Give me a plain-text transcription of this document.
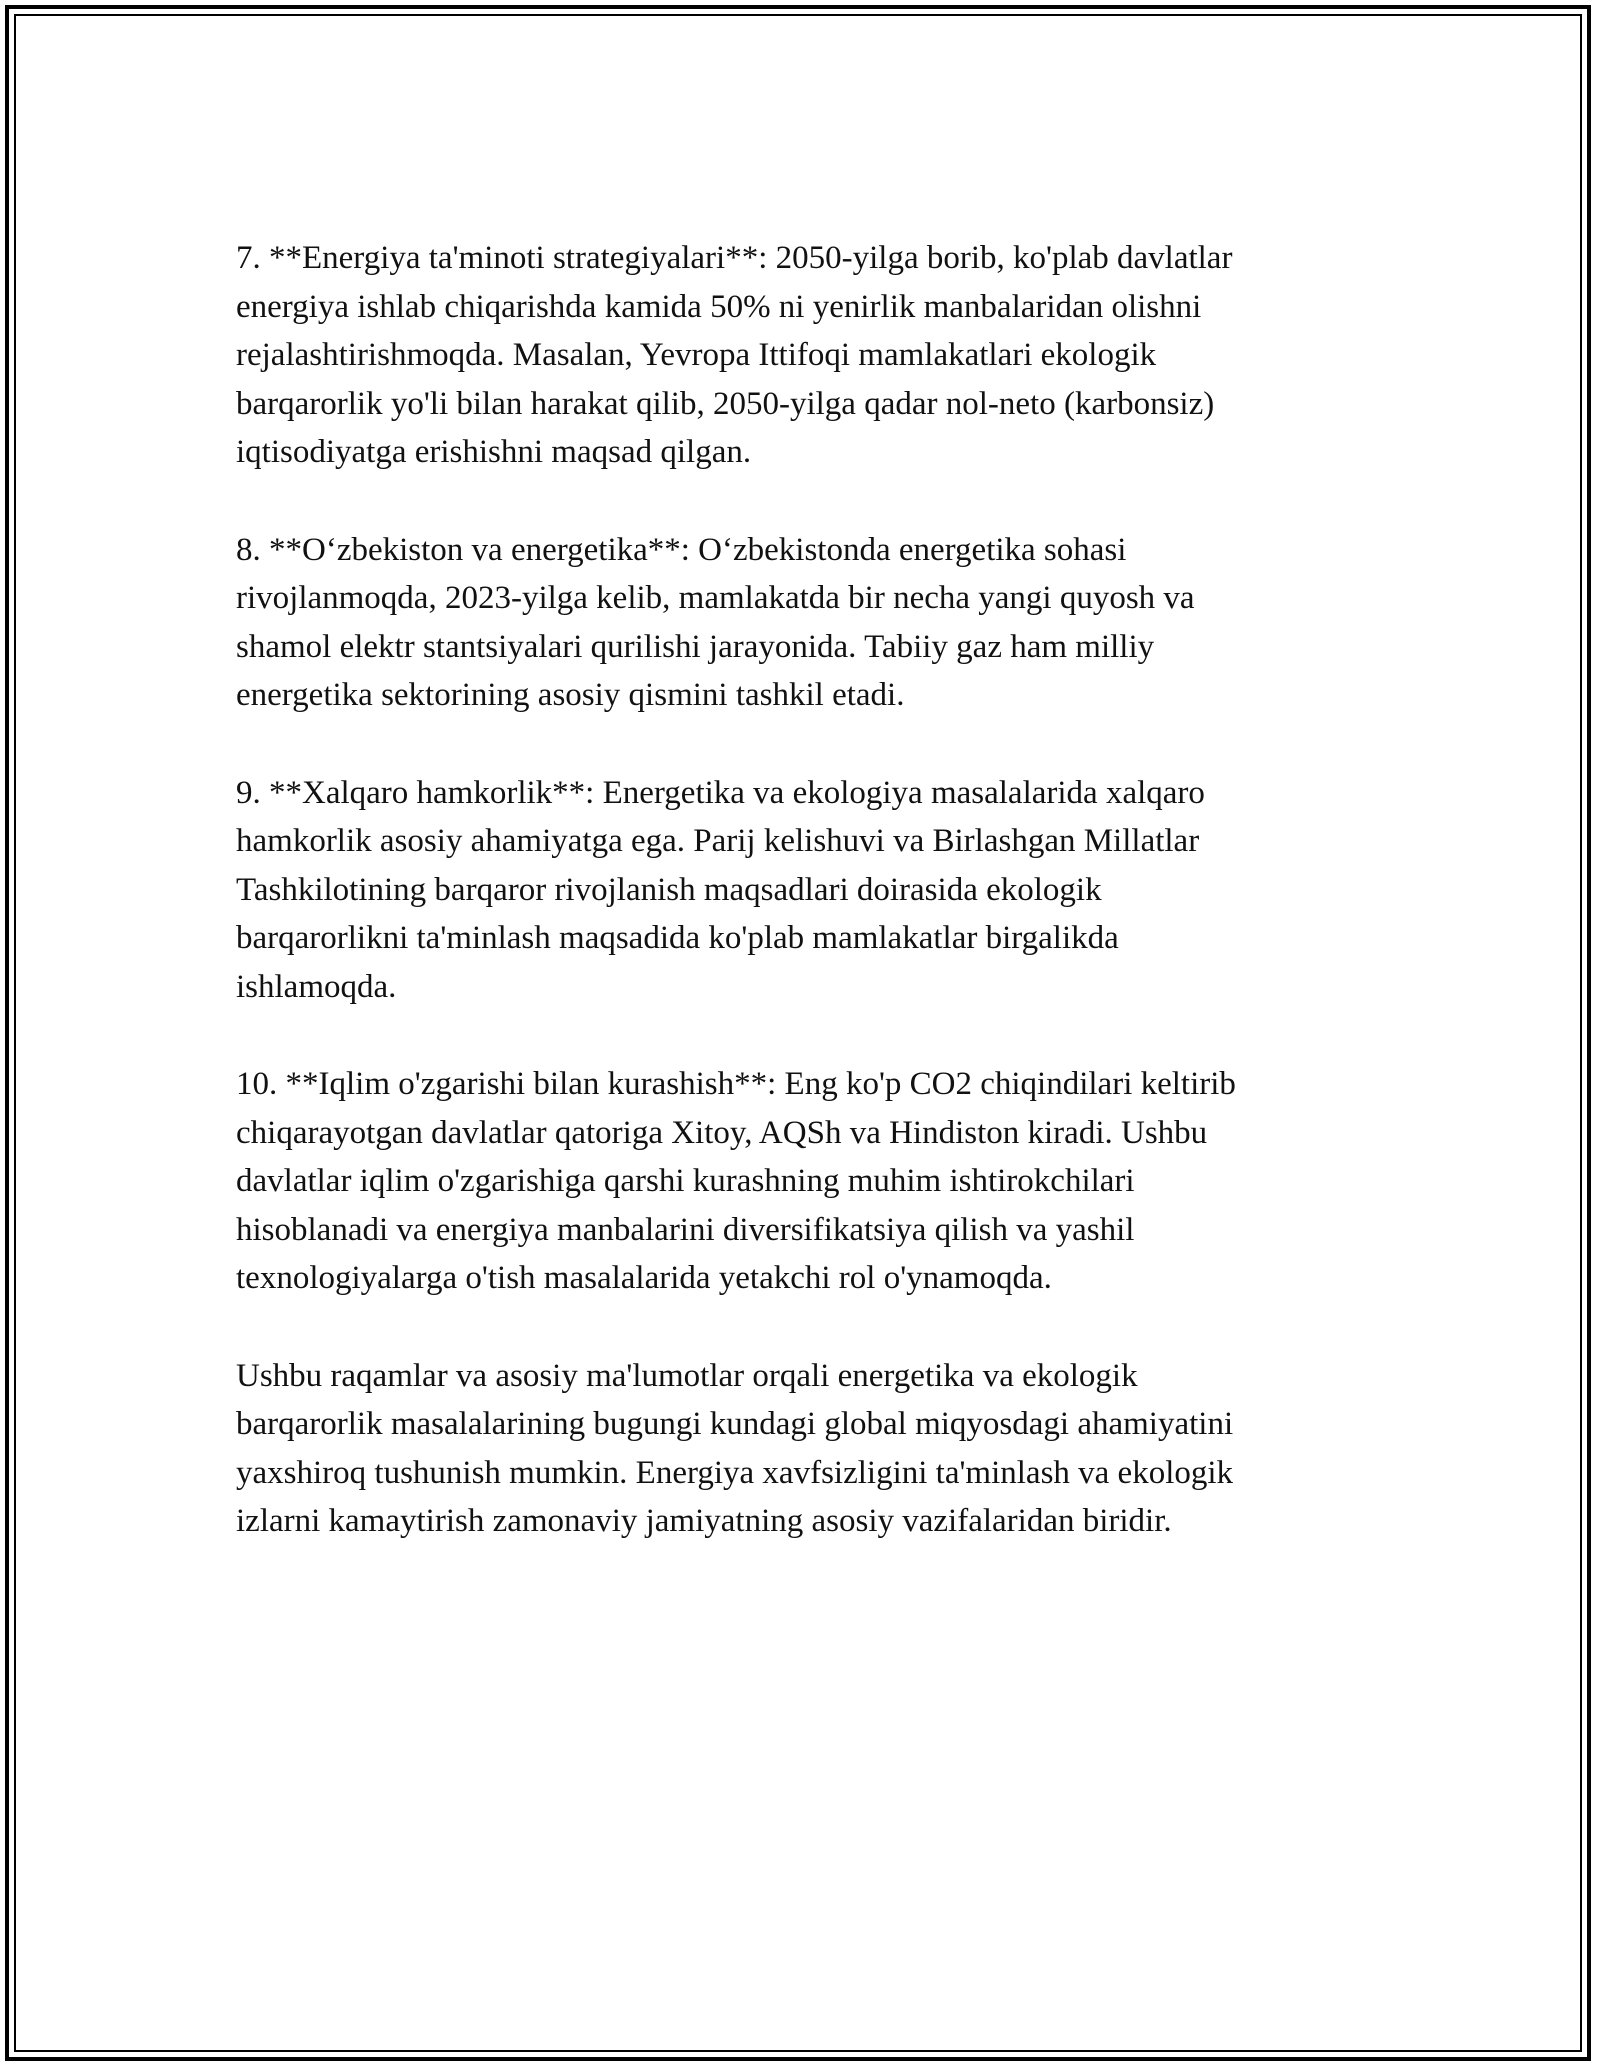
7. **Energiya ta'minoti strategiyalari**: 2050-yilga borib, ko'plab davlatlar
energiya ishlab chiqarishda kamida 50% ni yenirlik manbalaridan olishni
rejalashtirishmoqda. Masalan, Yevropa Ittifoqi mamlakatlari ekologik
barqarorlik yo'li bilan harakat qilib, 2050-yilga qadar nol-neto (karbonsiz)
iqtisodiyatga erishishni maqsad qilgan.

8. **O‘zbekiston va energetika**: O‘zbekistonda energetika sohasi
rivojlanmoqda, 2023-yilga kelib, mamlakatda bir necha yangi quyosh va
shamol elektr stantsiyalari qurilishi jarayonida. Tabiiy gaz ham milliy
energetika sektorining asosiy qismini tashkil etadi.

9. **Xalqaro hamkorlik**: Energetika va ekologiya masalalarida xalqaro
hamkorlik asosiy ahamiyatga ega. Parij kelishuvi va Birlashgan Millatlar
Tashkilotining barqaror rivojlanish maqsadlari doirasida ekologik
barqarorlikni ta'minlash maqsadida ko'plab mamlakatlar birgalikda
ishlamoqda.

10. **Iqlim o'zgarishi bilan kurashish**: Eng ko'p CO2 chiqindilari keltirib
chiqarayotgan davlatlar qatoriga Xitoy, AQSh va Hindiston kiradi. Ushbu
davlatlar iqlim o'zgarishiga qarshi kurashning muhim ishtirokchilari
hisoblanadi va energiya manbalarini diversifikatsiya qilish va yashil
texnologiyalarga o'tish masalalarida yetakchi rol o'ynamoqda.

Ushbu raqamlar va asosiy ma'lumotlar orqali energetika va ekologik
barqarorlik masalalarining bugungi kundagi global miqyosdagi ahamiyatini
yaxshiroq tushunish mumkin. Energiya xavfsizligini ta'minlash va ekologik
izlarni kamaytirish zamonaviy jamiyatning asosiy vazifalaridan biridir.
